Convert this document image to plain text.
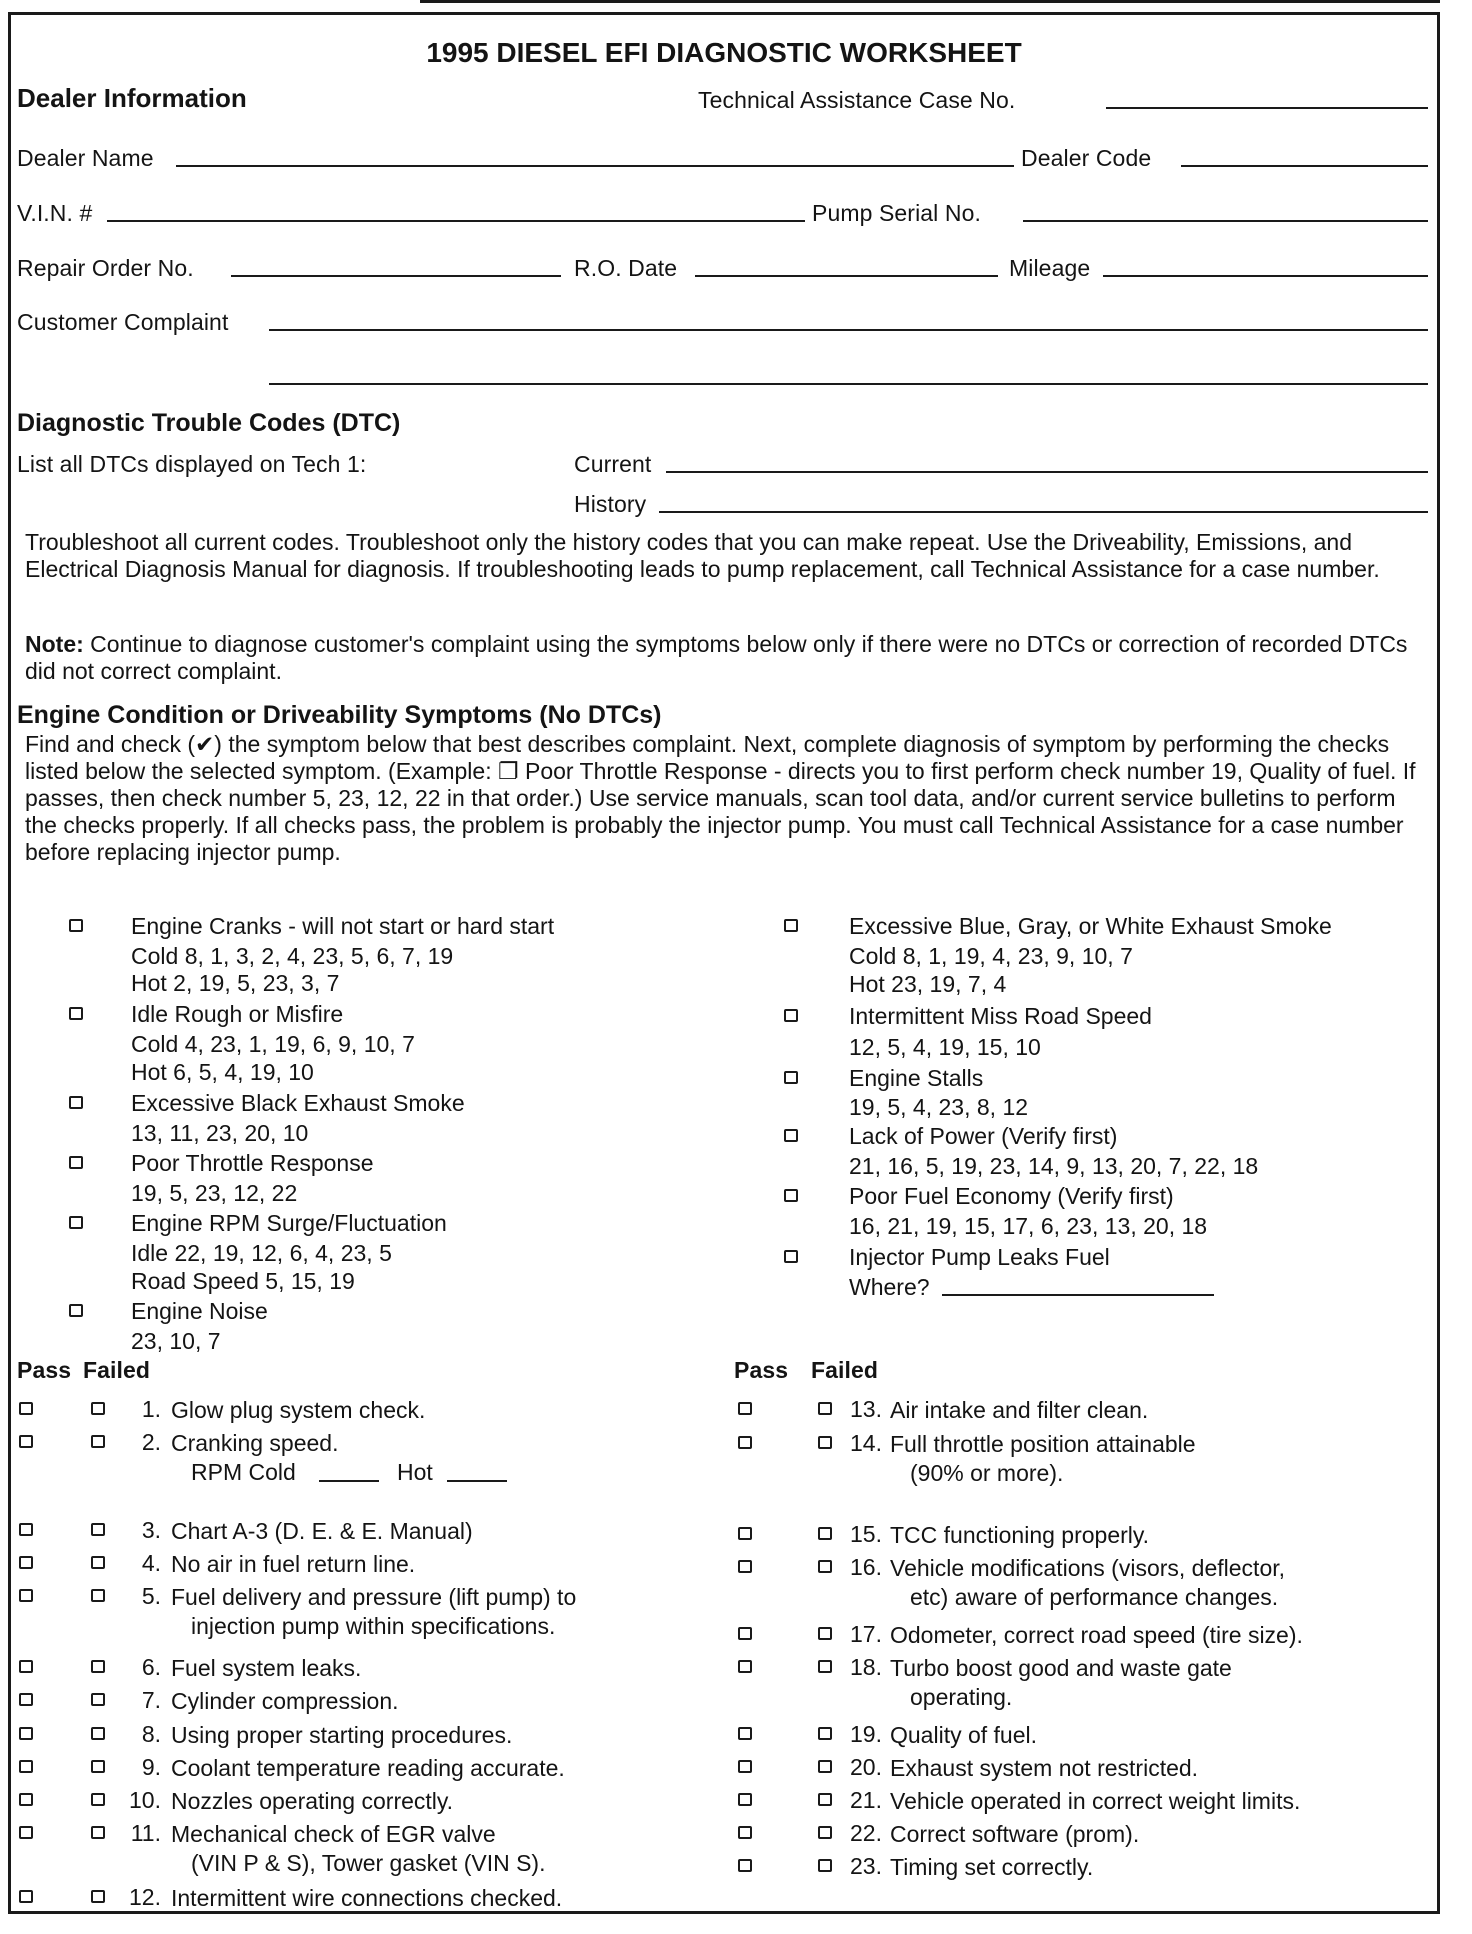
1995 DIESEL EFI DIAGNOSTIC WORKSHEET
Dealer Information	Technical Assistance Case No.
Dealer Name	Dealer Code
V.I.N. #	Pump Serial No.
Repair Order No.	R.O. Date	Mileage
Customer Complaint
Diagnostic Trouble Codes (DTC)
List all DTCs displayed on Tech 1:	Current
History
Troubleshoot all current codes. Troubleshoot only the history codes that you can make repeat. Use the Driveability, Emissions, and Electrical Diagnosis Manual for diagnosis. If troubleshooting leads to pump replacement, call Technical Assistance for a case number.
Note: Continue to diagnose customer's complaint using the symptoms below only if there were no DTCs or correction of recorded DTCs did not correct complaint.
Engine Condition or Driveability Symptoms (No DTCs)
Find and check (✔) the symptom below that best describes complaint. Next, complete diagnosis of symptom by performing the checks listed below the selected symptom. (Example: ❐ Poor Throttle Response - directs you to first perform check number 19, Quality of fuel. If passes, then check number 5, 23, 12, 22 in that order.) Use service manuals, scan tool data, and/or current service bulletins to perform the checks properly. If all checks pass, the problem is probably the injector pump. You must call Technical Assistance for a case number before replacing injector pump.
Engine Cranks - will not start or hard start
Cold 8, 1, 3, 2, 4, 23, 5, 6, 7, 19
Hot 2, 19, 5, 23, 3, 7
Idle Rough or Misfire
Cold 4, 23, 1, 19, 6, 9, 10, 7
Hot 6, 5, 4, 19, 10
Excessive Black Exhaust Smoke
13, 11, 23, 20, 10
Poor Throttle Response
19, 5, 23, 12, 22
Engine RPM Surge/Fluctuation
Idle 22, 19, 12, 6, 4, 23, 5
Road Speed 5, 15, 19
Engine Noise
23, 10, 7
Excessive Blue, Gray, or White Exhaust Smoke
Cold 8, 1, 19, 4, 23, 9, 10, 7
Hot 23, 19, 7, 4
Intermittent Miss Road Speed
12, 5, 4, 19, 15, 10
Engine Stalls
19, 5, 4, 23, 8, 12
Lack of Power (Verify first)
21, 16, 5, 19, 23, 14, 9, 13, 20, 7, 22, 18
Poor Fuel Economy (Verify first)
16, 21, 19, 15, 17, 6, 23, 13, 20, 18
Injector Pump Leaks Fuel
Where?
Pass Failed	Pass Failed
1. Glow plug system check.
2. Cranking speed.
RPM Cold	Hot
3. Chart A-3 (D. E. & E. Manual)
4. No air in fuel return line.
5. Fuel delivery and pressure (lift pump) to
injection pump within specifications.
6. Fuel system leaks.
7. Cylinder compression.
8. Using proper starting procedures.
9. Coolant temperature reading accurate.
10. Nozzles operating correctly.
11. Mechanical check of EGR valve
(VIN P & S), Tower gasket (VIN S).
12. Intermittent wire connections checked.
13. Air intake and filter clean.
14. Full throttle position attainable
(90% or more).
15. TCC functioning properly.
16. Vehicle modifications (visors, deflector,
etc) aware of performance changes.
17. Odometer, correct road speed (tire size).
18. Turbo boost good and waste gate
operating.
19. Quality of fuel.
20. Exhaust system not restricted.
21. Vehicle operated in correct weight limits.
22. Correct software (prom).
23. Timing set correctly.
